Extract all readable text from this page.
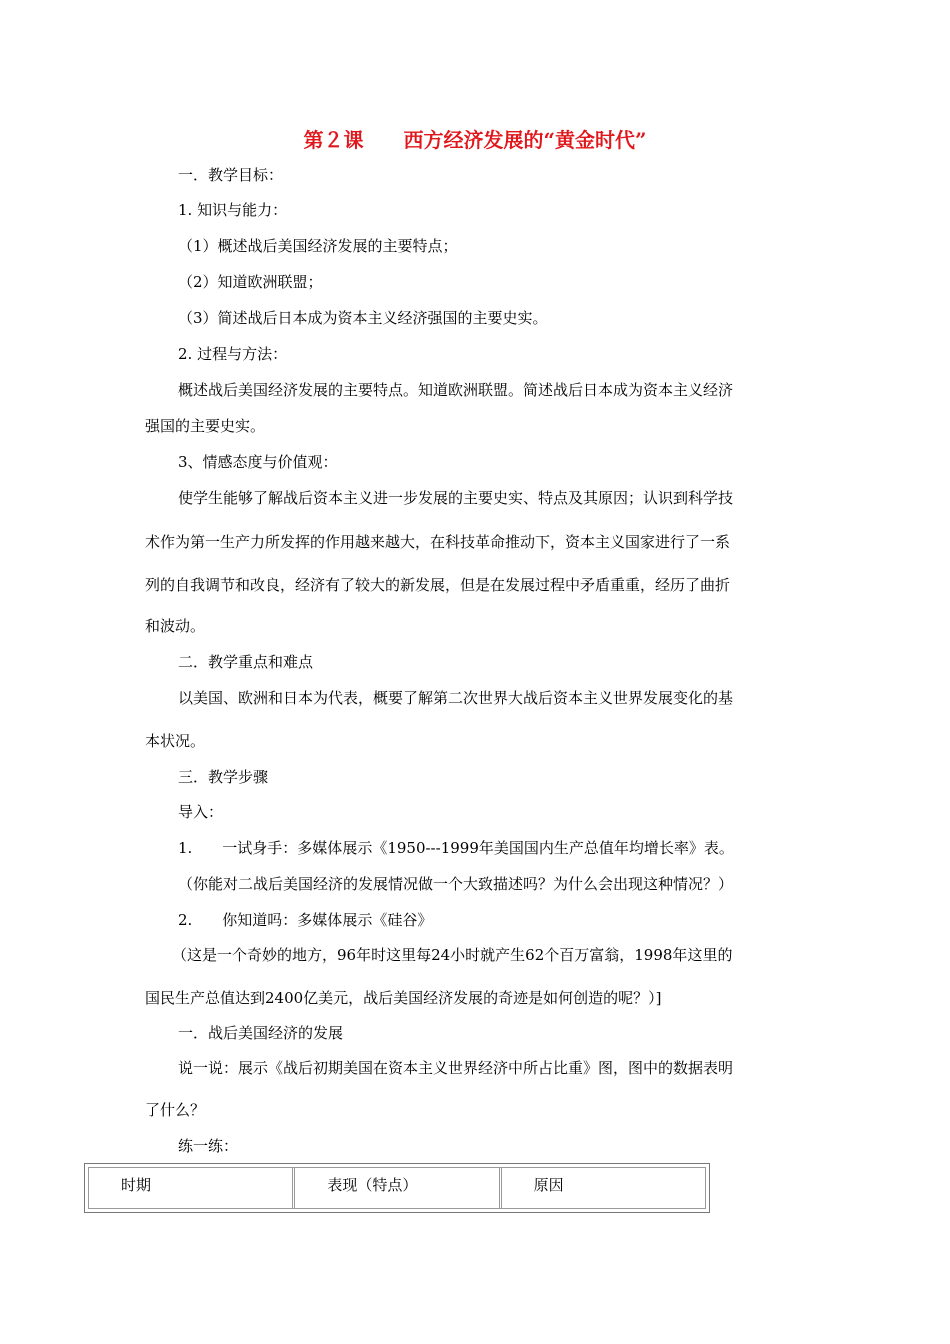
第２课　　西方经济发展的“黄金时代”
一．教学目标：
1. 知识与能力：
（1）概述战后美国经济发展的主要特点；
（2）知道欧洲联盟；
（3）简述战后日本成为资本主义经济强国的主要史实。
2. 过程与方法：
概述战后美国经济发展的主要特点。知道欧洲联盟。简述战后日本成为资本主义经济
强国的主要史实。
3、情感态度与价值观：
使学生能够了解战后资本主义进一步发展的主要史实、特点及其原因；认识到科学技
术作为第一生产力所发挥的作用越来越大，在科技革命推动下，资本主义国家进行了一系
列的自我调节和改良，经济有了较大的新发展，但是在发展过程中矛盾重重，经历了曲折
和波动。
二．教学重点和难点
以美国、欧洲和日本为代表，概要了解第二次世界大战后资本主义世界发展变化的基
本状况。
三．教学步骤
导入：
1.　　一试身手：多媒体展示《1950---1999年美国国内生产总值年均增长率》表。
（你能对二战后美国经济的发展情况做一个大致描述吗？为什么会出现这种情况？）
2.　　你知道吗：多媒体展示《硅谷》
（这是一个奇妙的地方，96年时这里每24小时就产生62个百万富翁，1998年这里的
国民生产总值达到2400亿美元，战后美国经济发展的奇迹是如何创造的呢？）]
一．战后美国经济的发展
说一说：展示《战后初期美国在资本主义世界经济中所占比重》图，图中的数据表明
了什么？
练一练：
时期	表现（特点）	原因
